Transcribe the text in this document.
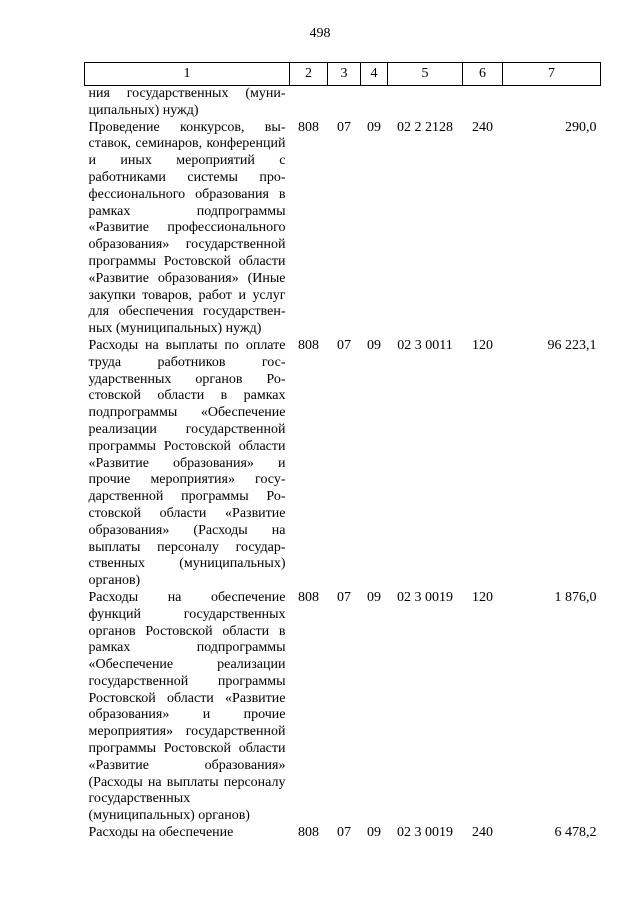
498
1	2	3	4	5	6	7
ния государственных (муниципальных) нужд)						
Проведение конкурсов, выставок, семинаров, конференций и иных мероприятий с работниками системы профессионального образования в рамках подпрограммы «Развитие профессионального образования» государственной программы Ростовской области «Развитие образования» (Иные закупки товаров, работ и услуг для обеспечения государственных (муниципальных) нужд)	808	07	09	02 2 2128	240	290,0
Расходы на выплаты по оплате труда работников государственных органов Ростовской области в рамках подпрограммы «Обеспечение реализации государственной программы Ростовской области «Развитие образования» и прочие мероприятия» государственной программы Ростовской области «Развитие образования» (Расходы на выплаты персоналу государственных (муниципальных) органов)	808	07	09	02 3 0011	120	96 223,1
Расходы на обеспечение функций государственных органов Ростовской области в рамках подпрограммы «Обеспечение реализации государственной программы Ростовской области «Развитие образования» и прочие мероприятия» государственной программы Ростовской области «Развитие образования» (Расходы на выплаты персоналу государственных (муниципальных) органов)	808	07	09	02 3 0019	120	1 876,0
Расходы на обеспечение	808	07	09	02 3 0019	240	6 478,2
